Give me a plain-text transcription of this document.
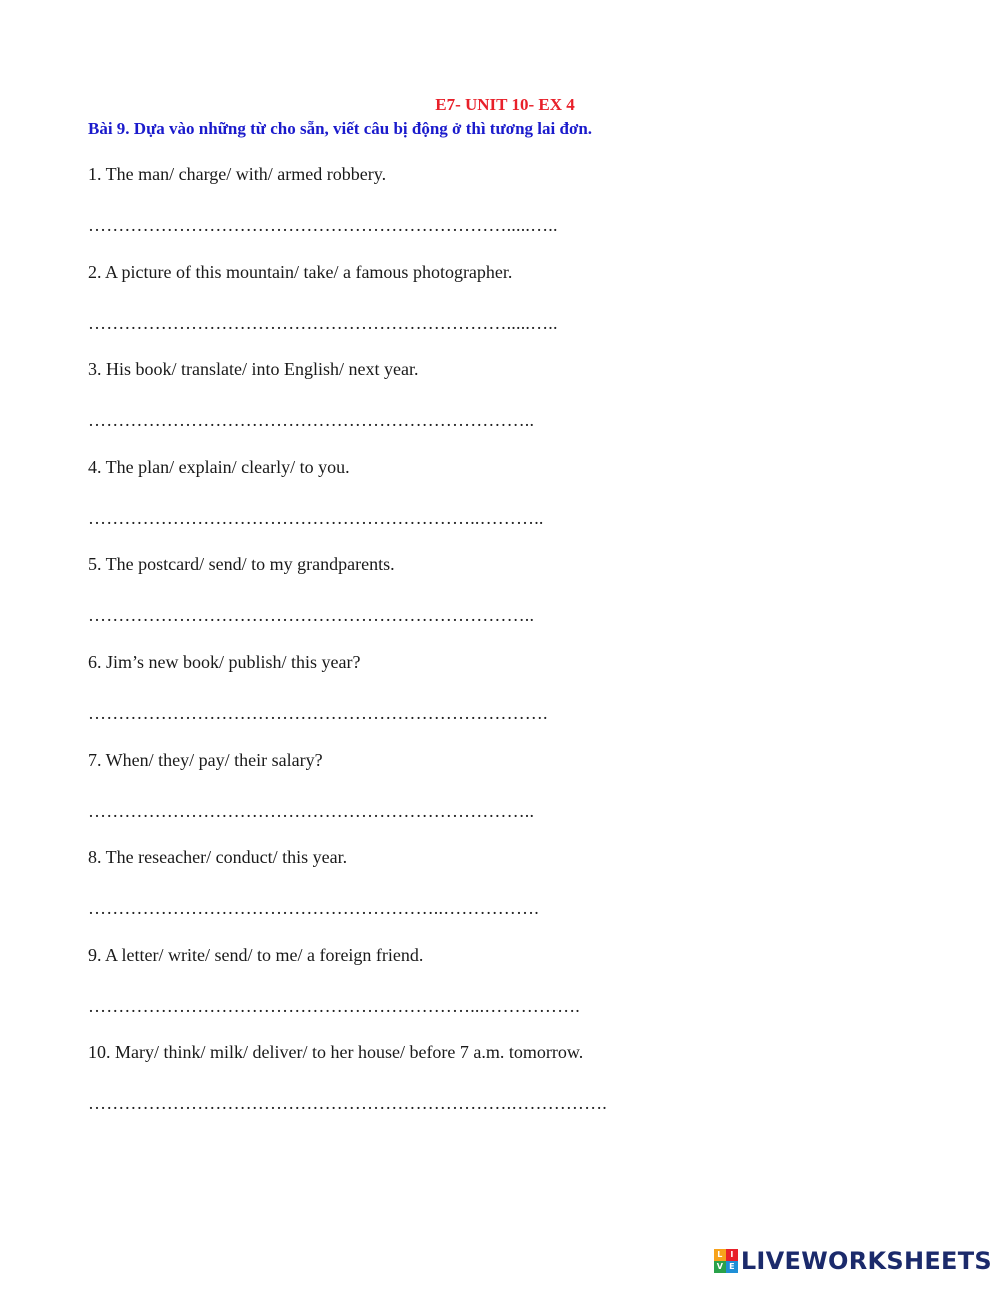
E7- UNIT 10- EX 4
Bài 9. Dựa vào những từ cho sẵn, viết câu bị động ở thì tương lai đơn.
1. The man/ charge/ with/ armed robbery.
…………………………………………………………….....…..
2. A picture of this mountain/ take/ a famous photographer.
…………………………………………………………….....…..
3. His book/ translate/ into English/ next year.
………………………………………………………………..
4. The plan/ explain/ clearly/ to you.
………………………………………………………..………..
5. The postcard/ send/ to my grandparents.
………………………………………………………………..
6. Jim’s new book/ publish/ this year?
………………………………………………………………….
7. When/ they/ pay/ their salary?
………………………………………………………………..
8. The reseacher/ conduct/ this year.
…………………………………………………..…………….
9. A letter/ write/ send/ to me/ a foreign friend.
………………………………………………………...…………….
10. Mary/ think/ milk/ deliver/ to her house/ before 7 a.m. tomorrow.
…………………………………………………………….…………….
L I
V E LIVEWORKSHEETS
